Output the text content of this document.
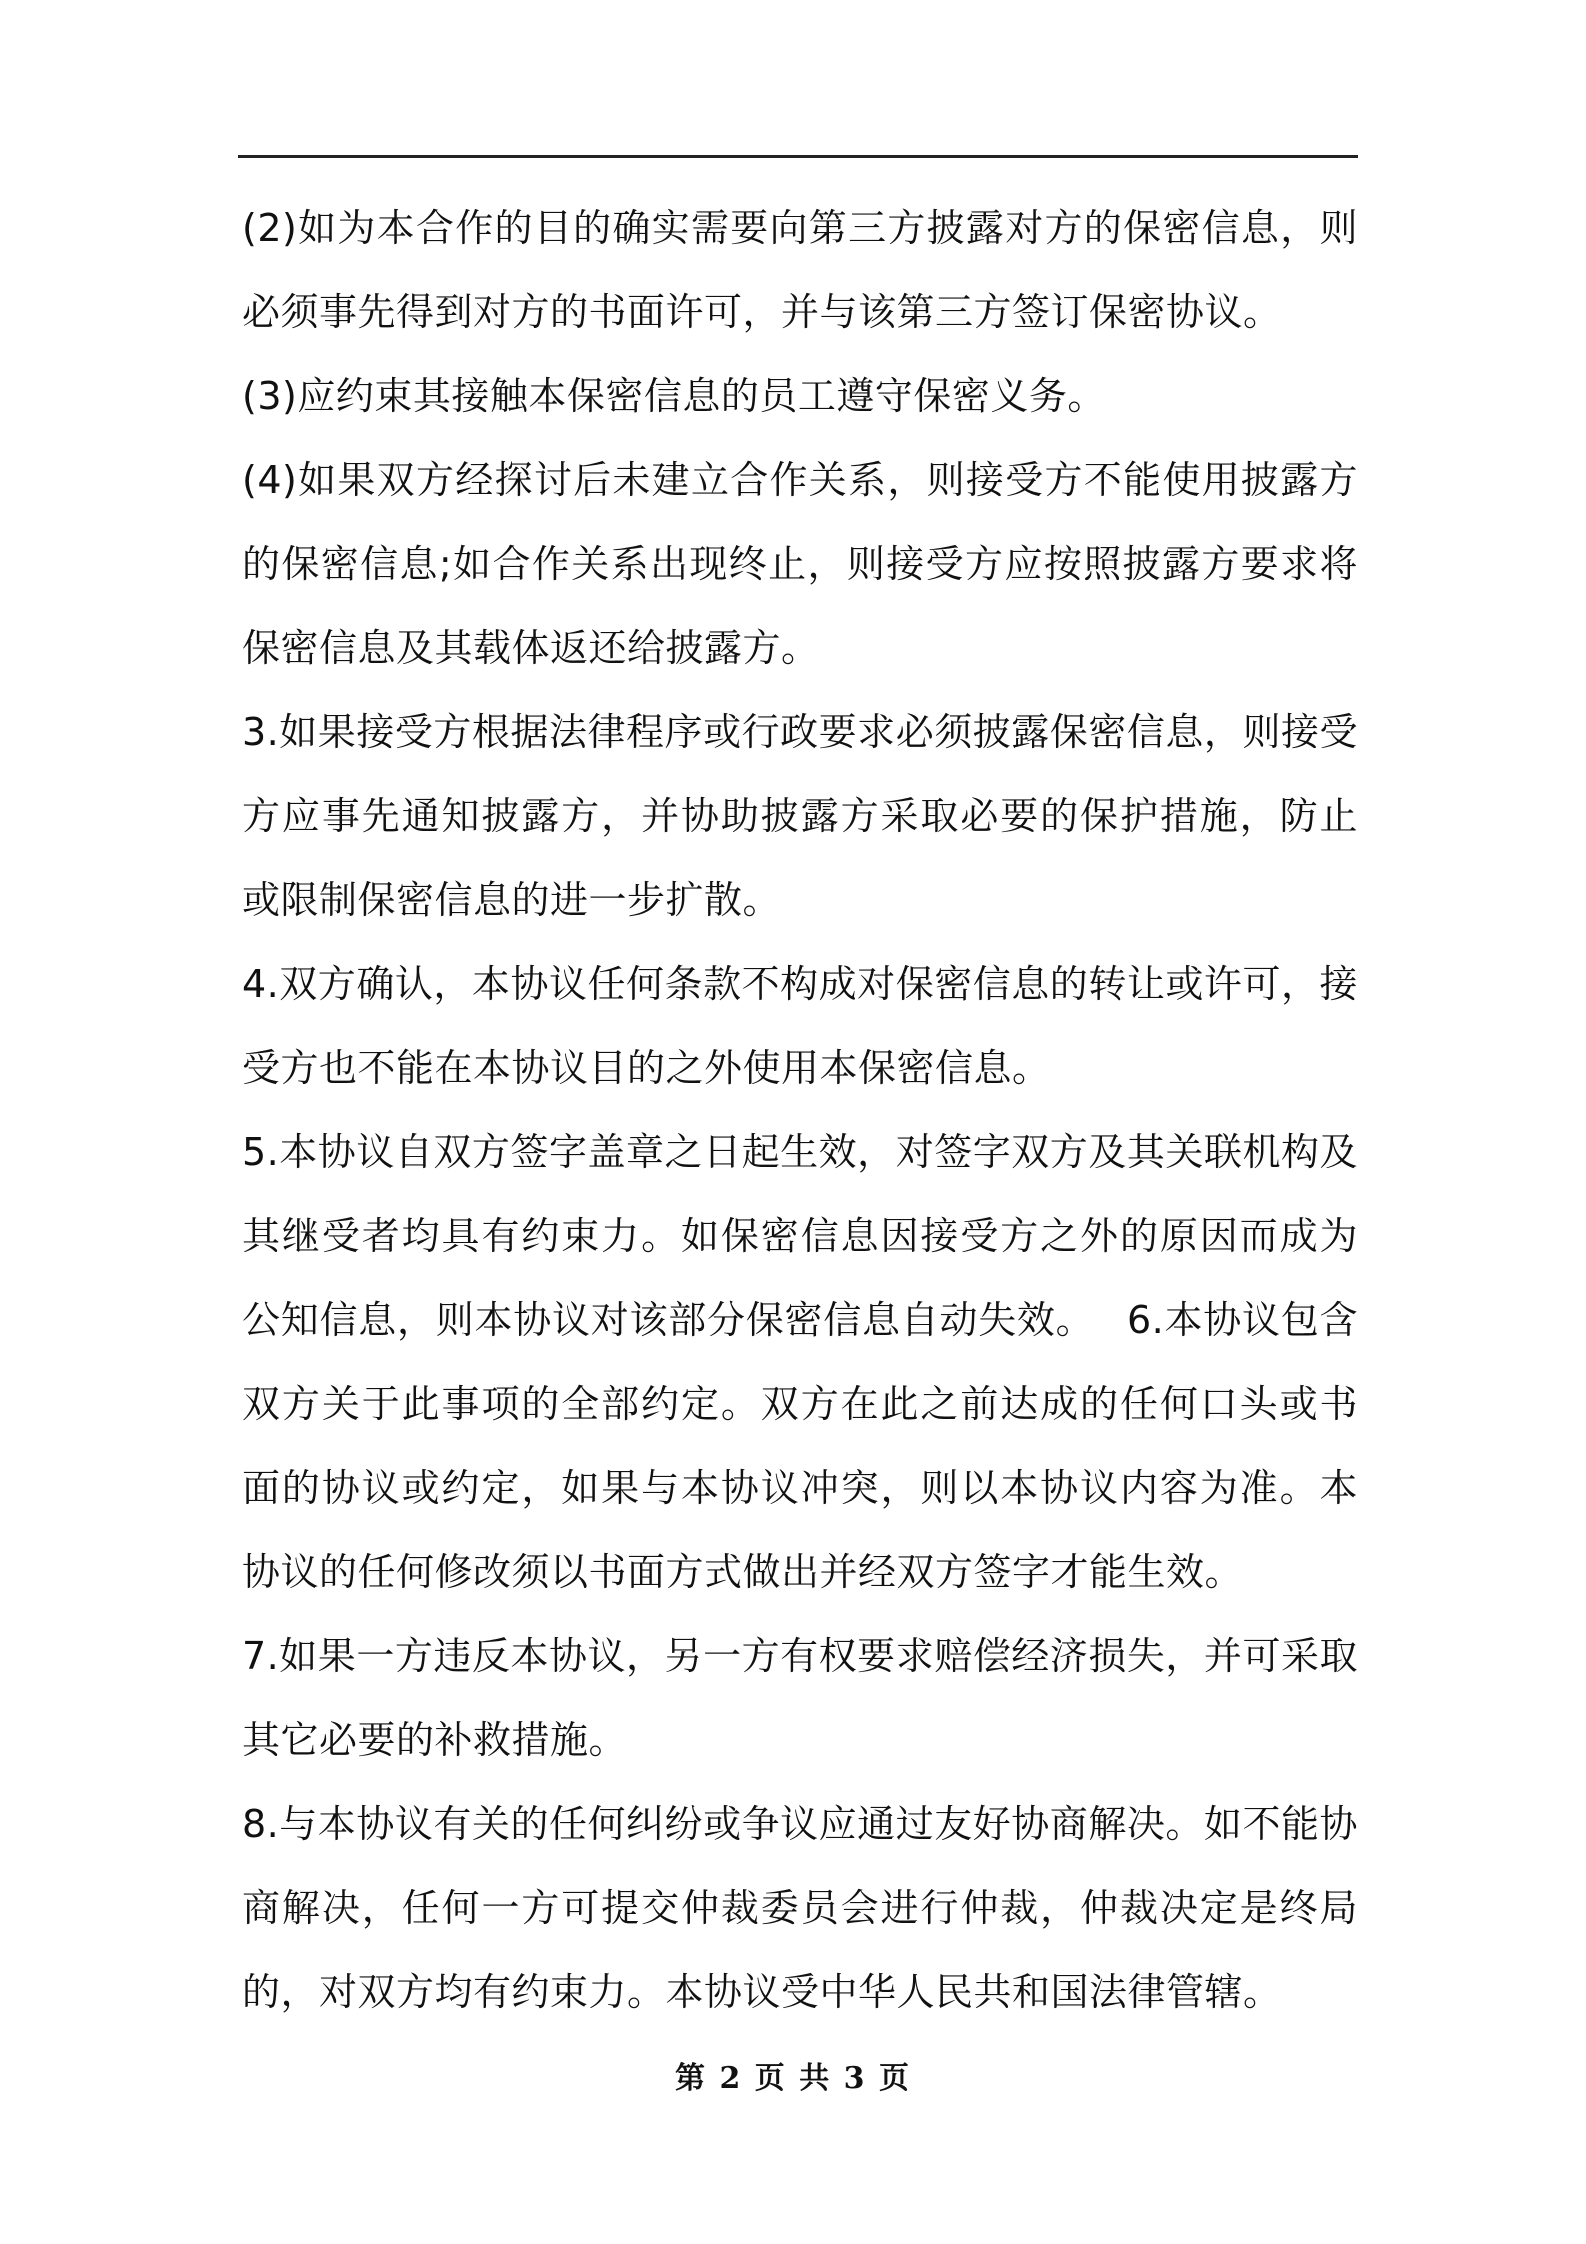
(2)如为本合作的目的确实需要向第三方披露对方的保密信息，则必须事先得到对方的书面许可，并与该第三方签订保密协议。

(3)应约束其接触本保密信息的员工遵守保密义务。

(4)如果双方经探讨后未建立合作关系，则接受方不能使用披露方的保密信息;如合作关系出现终止，则接受方应按照披露方要求将保密信息及其载体返还给披露方。

3.如果接受方根据法律程序或行政要求必须披露保密信息，则接受方应事先通知披露方，并协助披露方采取必要的保护措施，防止或限制保密信息的进一步扩散。

4.双方确认，本协议任何条款不构成对保密信息的转让或许可，接受方也不能在本协议目的之外使用本保密信息。

5.本协议自双方签字盖章之日起生效，对签字双方及其关联机构及其继受者均具有约束力。如保密信息因接受方之外的原因而成为公知信息，则本协议对该部分保密信息自动失效。　 6.本协议包含双方关于此事项的全部约定。双方在此之前达成的任何口头或书面的协议或约定，如果与本协议冲突，则以本协议内容为准。本协议的任何修改须以书面方式做出并经双方签字才能生效。

7.如果一方违反本协议，另一方有权要求赔偿经济损失，并可采取其它必要的补救措施。

8.与本协议有关的任何纠纷或争议应通过友好协商解决。如不能协商解决，任何一方可提交仲裁委员会进行仲裁，仲裁决定是终局的，对双方均有约束力。本协议受中华人民共和国法律管辖。

第 2 页 共 3 页
